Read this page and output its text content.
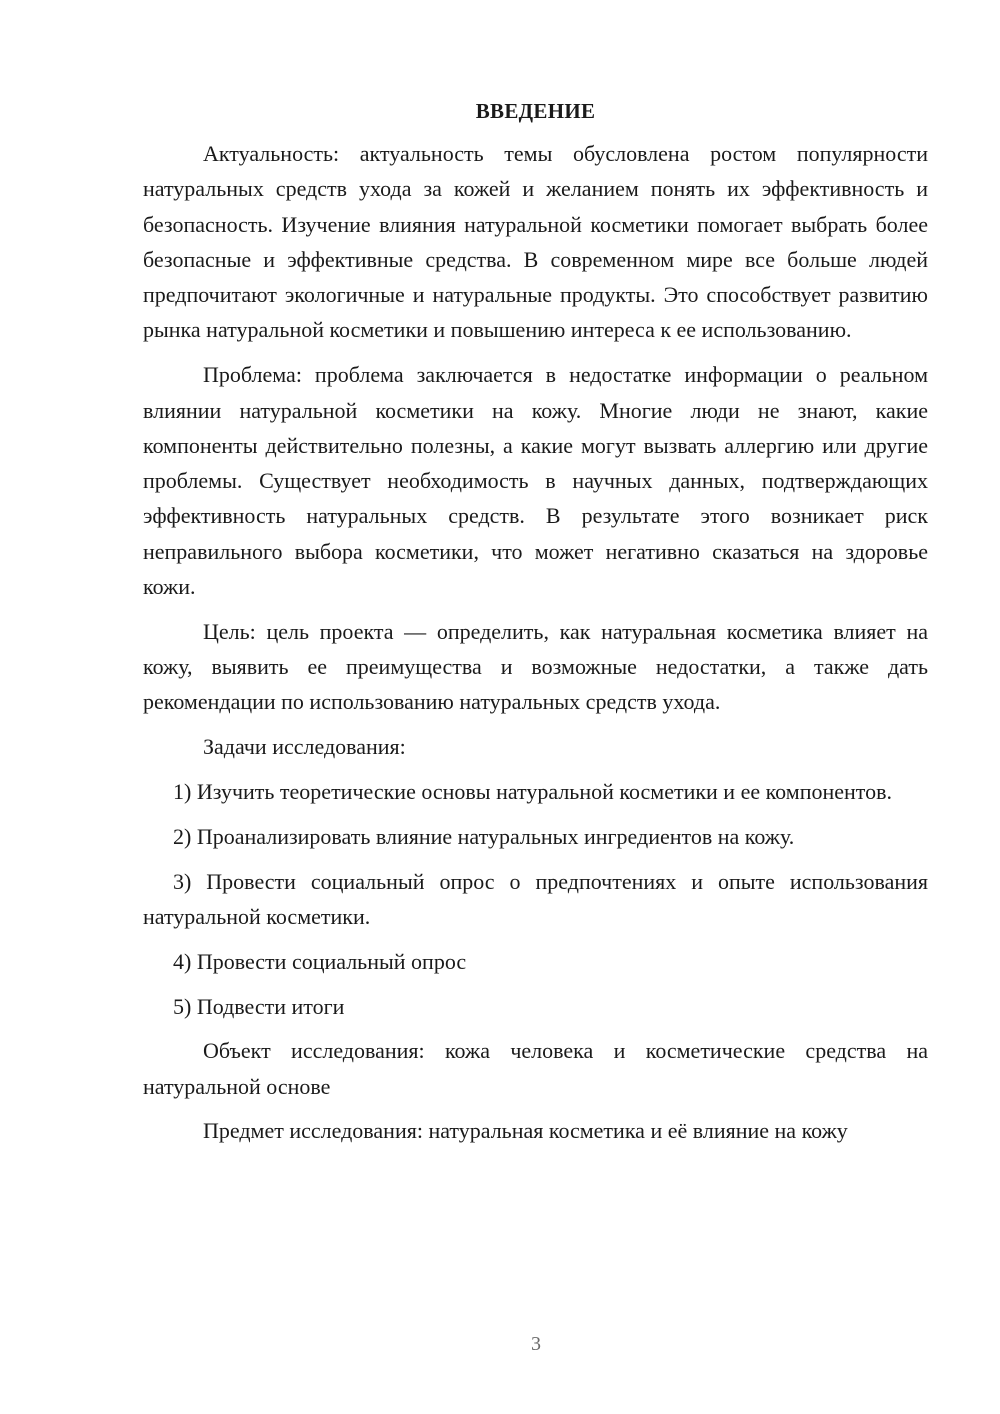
ВВЕДЕНИЕ

Актуальность: актуальность темы обусловлена ростом популярности натуральных средств ухода за кожей и желанием понять их эффективность и безопасность. Изучение влияния натуральной косметики помогает выбрать более безопасные и эффективные средства. В современном мире все больше людей предпочитают экологичные и натуральные продукты. Это способствует развитию рынка натуральной косметики и повышению интереса к ее использованию.

Проблема: проблема заключается в недостатке информации о реальном влиянии натуральной косметики на кожу. Многие люди не знают, какие компоненты действительно полезны, а какие могут вызвать аллергию или другие проблемы. Существует необходимость в научных данных, подтверждающих эффективность натуральных средств. В результате этого возникает риск неправильного выбора косметики, что может негативно сказаться на здоровье кожи.

Цель: цель проекта — определить, как натуральная косметика влияет на кожу, выявить ее преимущества и возможные недостатки, а также дать рекомендации по использованию натуральных средств ухода.

Задачи исследования:

1) Изучить теоретические основы натуральной косметики и ее компонентов.

2) Проанализировать влияние натуральных ингредиентов на кожу.

3) Провести социальный опрос о предпочтениях и опыте использования натуральной косметики.

4) Провести социальный опрос

5) Подвести итоги

Объект исследования: кожа человека и косметические средства на натуральной основе

Предмет исследования: натуральная косметика и её влияние на кожу

3
